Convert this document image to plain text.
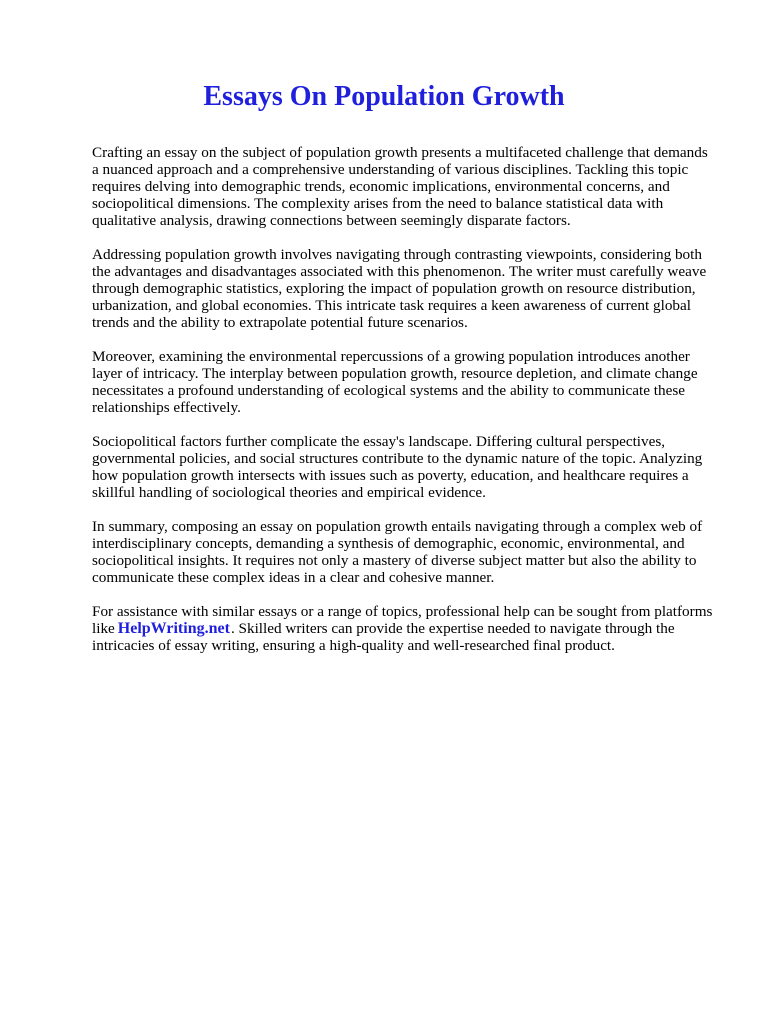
Essays On Population Growth

Crafting an essay on the subject of population growth presents a multifaceted challenge that demands a nuanced approach and a comprehensive understanding of various disciplines. Tackling this topic requires delving into demographic trends, economic implications, environmental concerns, and sociopolitical dimensions. The complexity arises from the need to balance statistical data with qualitative analysis, drawing connections between seemingly disparate factors.

Addressing population growth involves navigating through contrasting viewpoints, considering both the advantages and disadvantages associated with this phenomenon. The writer must carefully weave through demographic statistics, exploring the impact of population growth on resource distribution, urbanization, and global economies. This intricate task requires a keen awareness of current global trends and the ability to extrapolate potential future scenarios.

Moreover, examining the environmental repercussions of a growing population introduces another layer of intricacy. The interplay between population growth, resource depletion, and climate change necessitates a profound understanding of ecological systems and the ability to communicate these relationships effectively.

Sociopolitical factors further complicate the essay's landscape. Differing cultural perspectives, governmental policies, and social structures contribute to the dynamic nature of the topic. Analyzing how population growth intersects with issues such as poverty, education, and healthcare requires a skillful handling of sociological theories and empirical evidence.

In summary, composing an essay on population growth entails navigating through a complex web of interdisciplinary concepts, demanding a synthesis of demographic, economic, environmental, and sociopolitical insights. It requires not only a mastery of diverse subject matter but also the ability to communicate these complex ideas in a clear and cohesive manner.

For assistance with similar essays or a range of topics, professional help can be sought from platforms like HelpWriting.net. Skilled writers can provide the expertise needed to navigate through the intricacies of essay writing, ensuring a high-quality and well-researched final product.
